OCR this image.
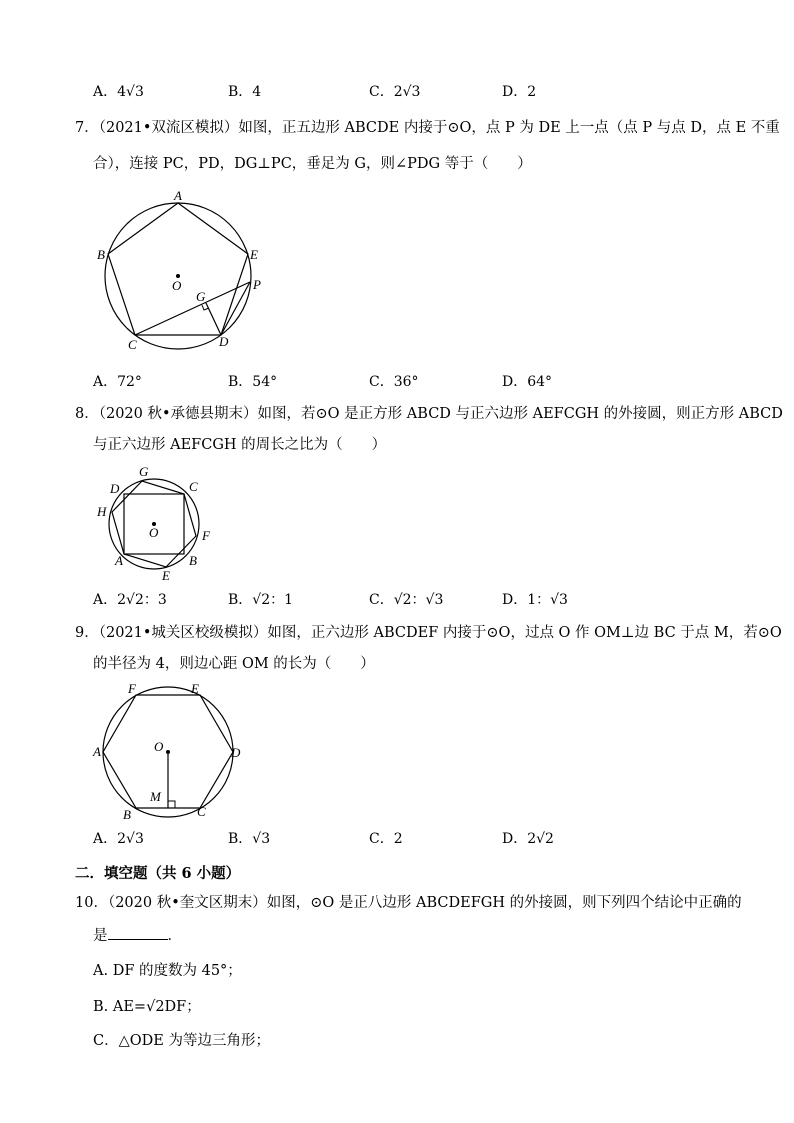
A．4√3	B．4	C．2√3	D．2
7．（2021•双流区模拟）如图，正五边形 ABCDE 内接于⊙O，点 P 为 DE 上一点（点 P 与点 D，点 E 不重
合），连接 PC，PD，DG⊥PC，垂足为 G，则∠PDG 等于（　　）
A
B
C	D
E
O
G
P
A．72°	B．54°	C．36°	D．64°
8．（2020 秋•承德县期末）如图，若⊙O 是正方形 ABCD 与正六边形 AEFCGH 的外接圆，则正方形 ABCD
与正六边形 AEFCGH 的周长之比为（　　）
G
C
D
H
O	F
A	B
E
A．2√2：3	B．√2：1	C．√2：√3	D．1：√3
9．（2021•城关区校级模拟）如图，正六边形 ABCDEF 内接于⊙O，过点 O 作 OM⊥边 BC 于点 M，若⊙O
的半径为 4，则边心距 OM 的长为（　　）
F	E
A	O	D
M
B	C
A．2√3	B．√3	C．2	D．2√2
二．填空题（共 6 小题）
10．（2020 秋•奎文区期末）如图，⊙O 是正八边形 ABCDEFGH 的外接圆，则下列四个结论中正确的
是	．
A. DF 的度数为 45°；
B. AE=√2DF；
C．△ODE 为等边三角形；
